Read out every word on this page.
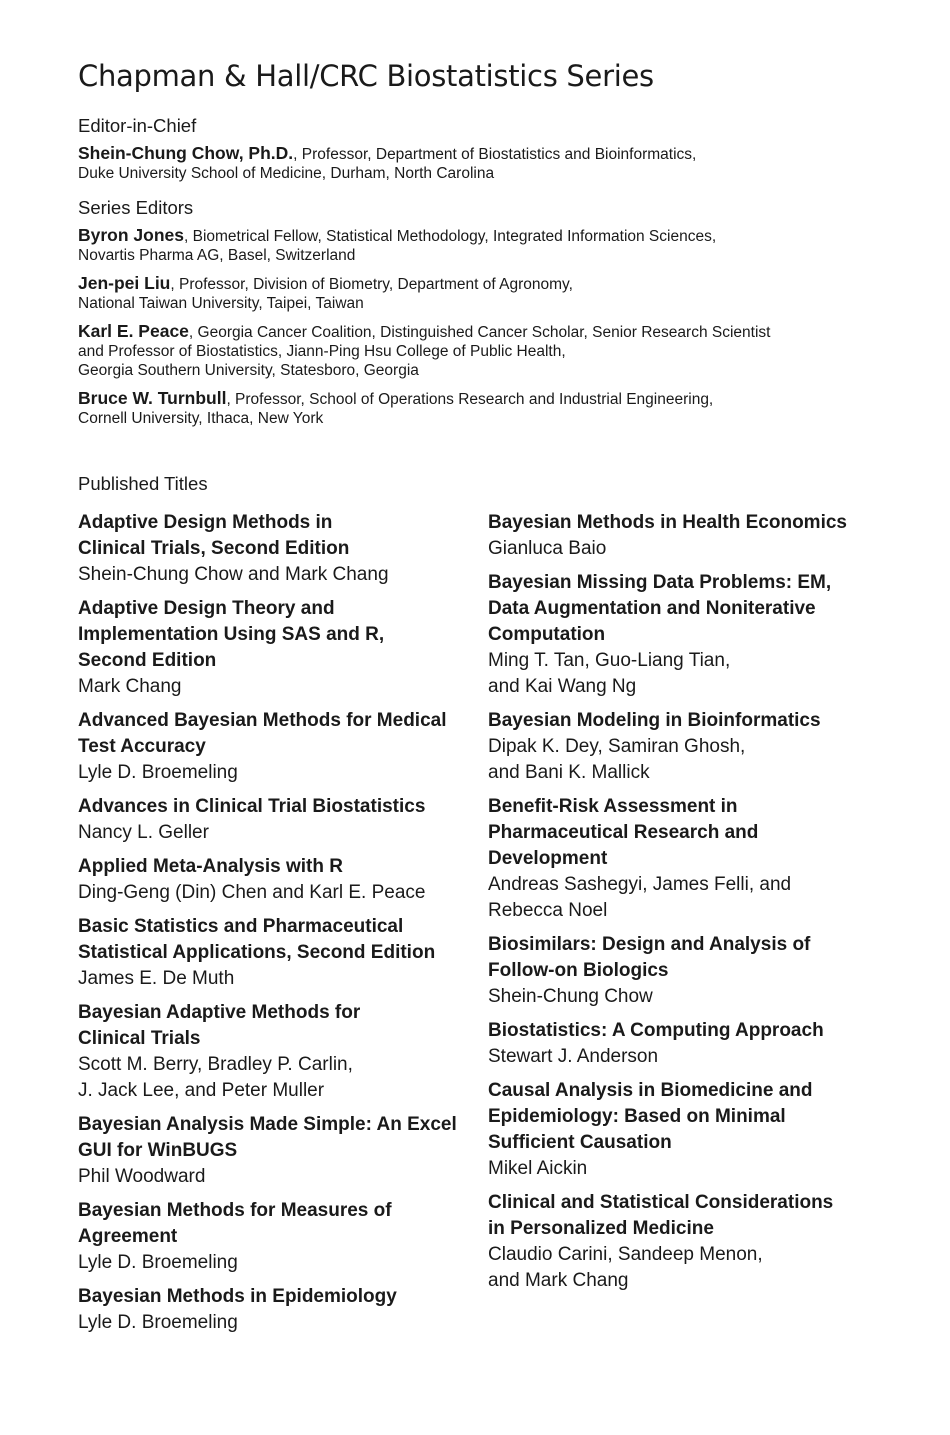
Chapman & Hall/CRC Biostatistics Series
Editor-in-Chief
Shein-Chung Chow, Ph.D., Professor, Department of Biostatistics and Bioinformatics,
Duke University School of Medicine, Durham, North Carolina
Series Editors
Byron Jones, Biometrical Fellow, Statistical Methodology, Integrated Information Sciences,
Novartis Pharma AG, Basel, Switzerland
Jen-pei Liu, Professor, Division of Biometry, Department of Agronomy,
National Taiwan University, Taipei, Taiwan
Karl E. Peace, Georgia Cancer Coalition, Distinguished Cancer Scholar, Senior Research Scientist
and Professor of Biostatistics, Jiann-Ping Hsu College of Public Health,
Georgia Southern University, Statesboro, Georgia
Bruce W. Turnbull, Professor, School of Operations Research and Industrial Engineering,
Cornell University, Ithaca, New York
Published Titles
Adaptive Design Methods in
Clinical Trials, Second Edition
Shein-Chung Chow and Mark Chang
Adaptive Design Theory and
Implementation Using SAS and R,
Second Edition
Mark Chang
Advanced Bayesian Methods for Medical
Test Accuracy
Lyle D. Broemeling
Advances in Clinical Trial Biostatistics
Nancy L. Geller
Applied Meta-Analysis with R
Ding-Geng (Din) Chen and Karl E. Peace
Basic Statistics and Pharmaceutical
Statistical Applications, Second Edition
James E. De Muth
Bayesian Adaptive Methods for
Clinical Trials
Scott M. Berry, Bradley P. Carlin,
J. Jack Lee, and Peter Muller
Bayesian Analysis Made Simple: An Excel
GUI for WinBUGS
Phil Woodward
Bayesian Methods for Measures of
Agreement
Lyle D. Broemeling
Bayesian Methods in Epidemiology
Lyle D. Broemeling
Bayesian Methods in Health Economics
Gianluca Baio
Bayesian Missing Data Problems: EM,
Data Augmentation and Noniterative
Computation
Ming T. Tan, Guo-Liang Tian,
and Kai Wang Ng
Bayesian Modeling in Bioinformatics
Dipak K. Dey, Samiran Ghosh,
and Bani K. Mallick
Benefit-Risk Assessment in
Pharmaceutical Research and
Development
Andreas Sashegyi, James Felli, and
Rebecca Noel
Biosimilars: Design and Analysis of
Follow-on Biologics
Shein-Chung Chow
Biostatistics: A Computing Approach
Stewart J. Anderson
Causal Analysis in Biomedicine and
Epidemiology: Based on Minimal
Sufficient Causation
Mikel Aickin
Clinical and Statistical Considerations
in Personalized Medicine
Claudio Carini, Sandeep Menon,
and Mark Chang
